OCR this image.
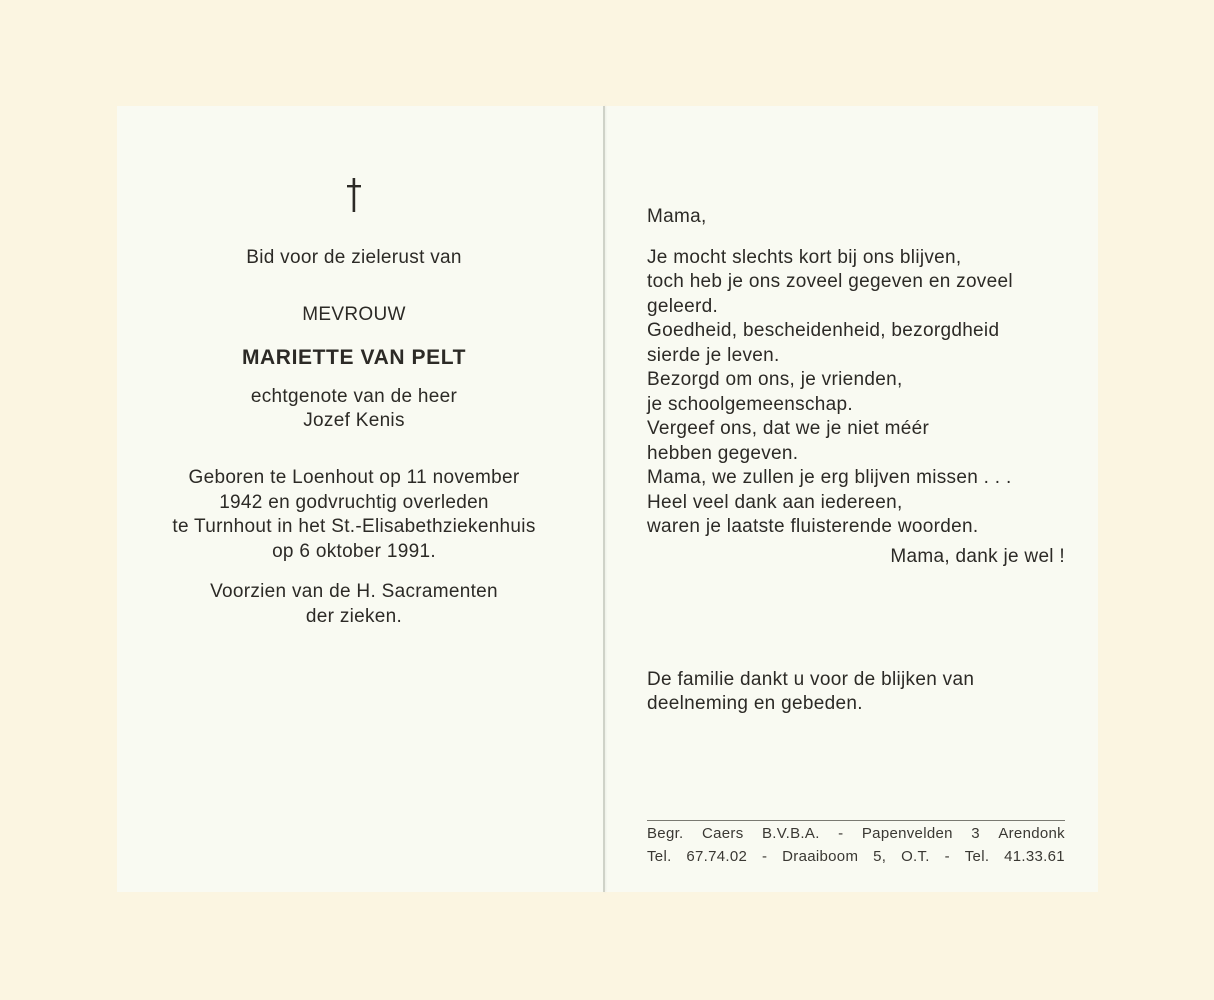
Bid voor de zielerust van
MEVROUW
MARIETTE VAN PELT
echtgenote van de heer
Jozef Kenis
Geboren te Loenhout op 11 november
1942 en godvruchtig overleden
te Turnhout in het St.-Elisabethziekenhuis
op 6 oktober 1991.
Voorzien van de H. Sacramenten
der zieken.
Mama,
Je mocht slechts kort bij ons blijven,
toch heb je ons zoveel gegeven en zoveel
geleerd.
Goedheid, bescheidenheid, bezorgdheid
sierde je leven.
Bezorgd om ons, je vrienden,
je schoolgemeenschap.
Vergeef ons, dat we je niet méér
hebben gegeven.
Mama, we zullen je erg blijven missen . . .
Heel veel dank aan iedereen,
waren je laatste fluisterende woorden.
Mama, dank je wel !
De familie dankt u voor de blijken van
deelneming en gebeden.
Begr. Caers B.V.B.A. - Papenvelden 3 Arendonk
Tel. 67.74.02 - Draaiboom 5, O.T. - Tel. 41.33.61
